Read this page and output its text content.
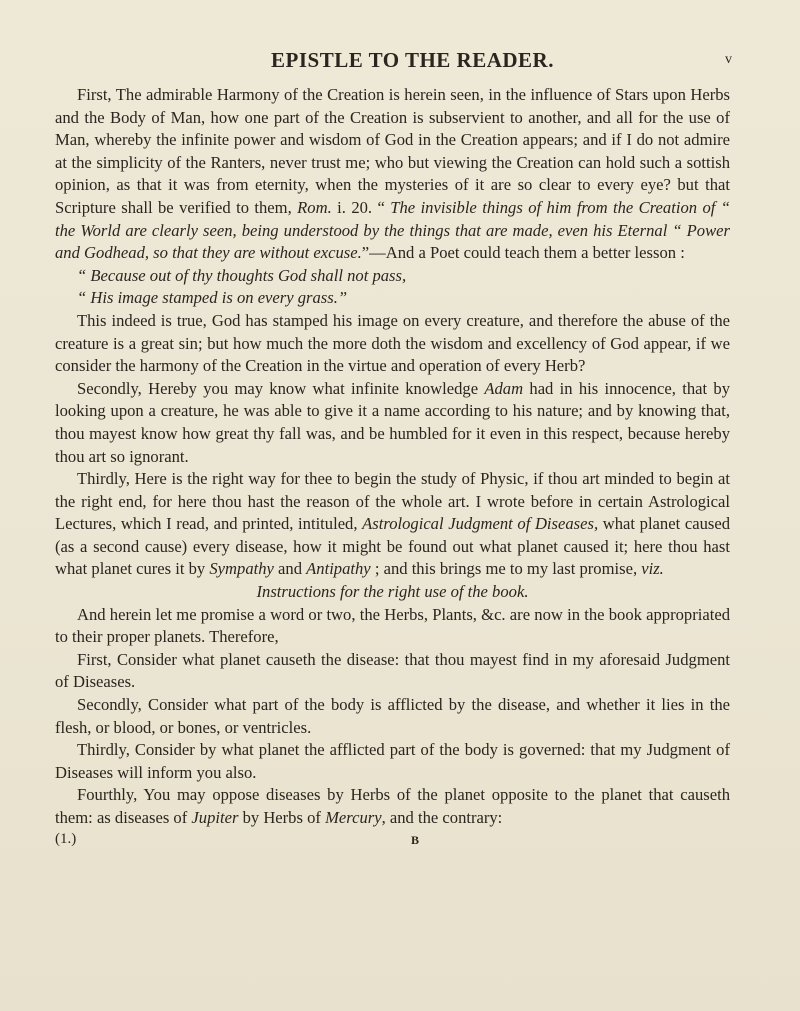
EPISTLE TO THE READER.	v

First, The admirable Harmony of the Creation is herein seen, in the influence of Stars upon Herbs and the Body of Man, how one part of the Creation is subservient to another, and all for the use of Man, whereby the infinite power and wisdom of God in the Creation appears; and if I do not admire at the simplicity of the Ranters, never trust me; who but viewing the Creation can hold such a sottish opinion, as that it was from eternity, when the mysteries of it are so clear to every eye? but that Scripture shall be verified to them, Rom. i. 20. “ The invisible things of him from the Creation of “ the World are clearly seen, being understood by the things that are made, even his Eternal “ Power and Godhead, so that they are without excuse.”—And a Poet could teach them a better lesson :

“ Because out of thy thoughts God shall not pass,

“ His image stamped is on every grass.”

This indeed is true, God has stamped his image on every creature, and therefore the abuse of the creature is a great sin; but how much the more doth the wisdom and excellency of God appear, if we consider the harmony of the Creation in the virtue and operation of every Herb?

Secondly, Hereby you may know what infinite knowledge Adam had in his innocence, that by looking upon a creature, he was able to give it a name according to his nature; and by knowing that, thou mayest know how great thy fall was, and be humbled for it even in this respect, because hereby thou art so ignorant.

Thirdly, Here is the right way for thee to begin the study of Physic, if thou art minded to begin at the right end, for here thou hast the reason of the whole art. I wrote before in certain Astrological Lectures, which I read, and printed, intituled, Astrological Judgment of Diseases, what planet caused (as a second cause) every disease, how it might be found out what planet caused it; here thou hast what planet cures it by Sympathy and Antipathy ; and this brings me to my last promise, viz.

Instructions for the right use of the book.

And herein let me promise a word or two, the Herbs, Plants, &c. are now in the book appropriated to their proper planets. Therefore,

First, Consider what planet causeth the disease: that thou mayest find in my aforesaid Judgment of Diseases.

Secondly, Consider what part of the body is afflicted by the disease, and whether it lies in the flesh, or blood, or bones, or ventricles.

Thirdly, Consider by what planet the afflicted part of the body is governed: that my Judgment of Diseases will inform you also.

Fourthly, You may oppose diseases by Herbs of the planet opposite to the planet that causeth them: as diseases of Jupiter by Herbs of Mercury, and the contrary:

(1.)	B
